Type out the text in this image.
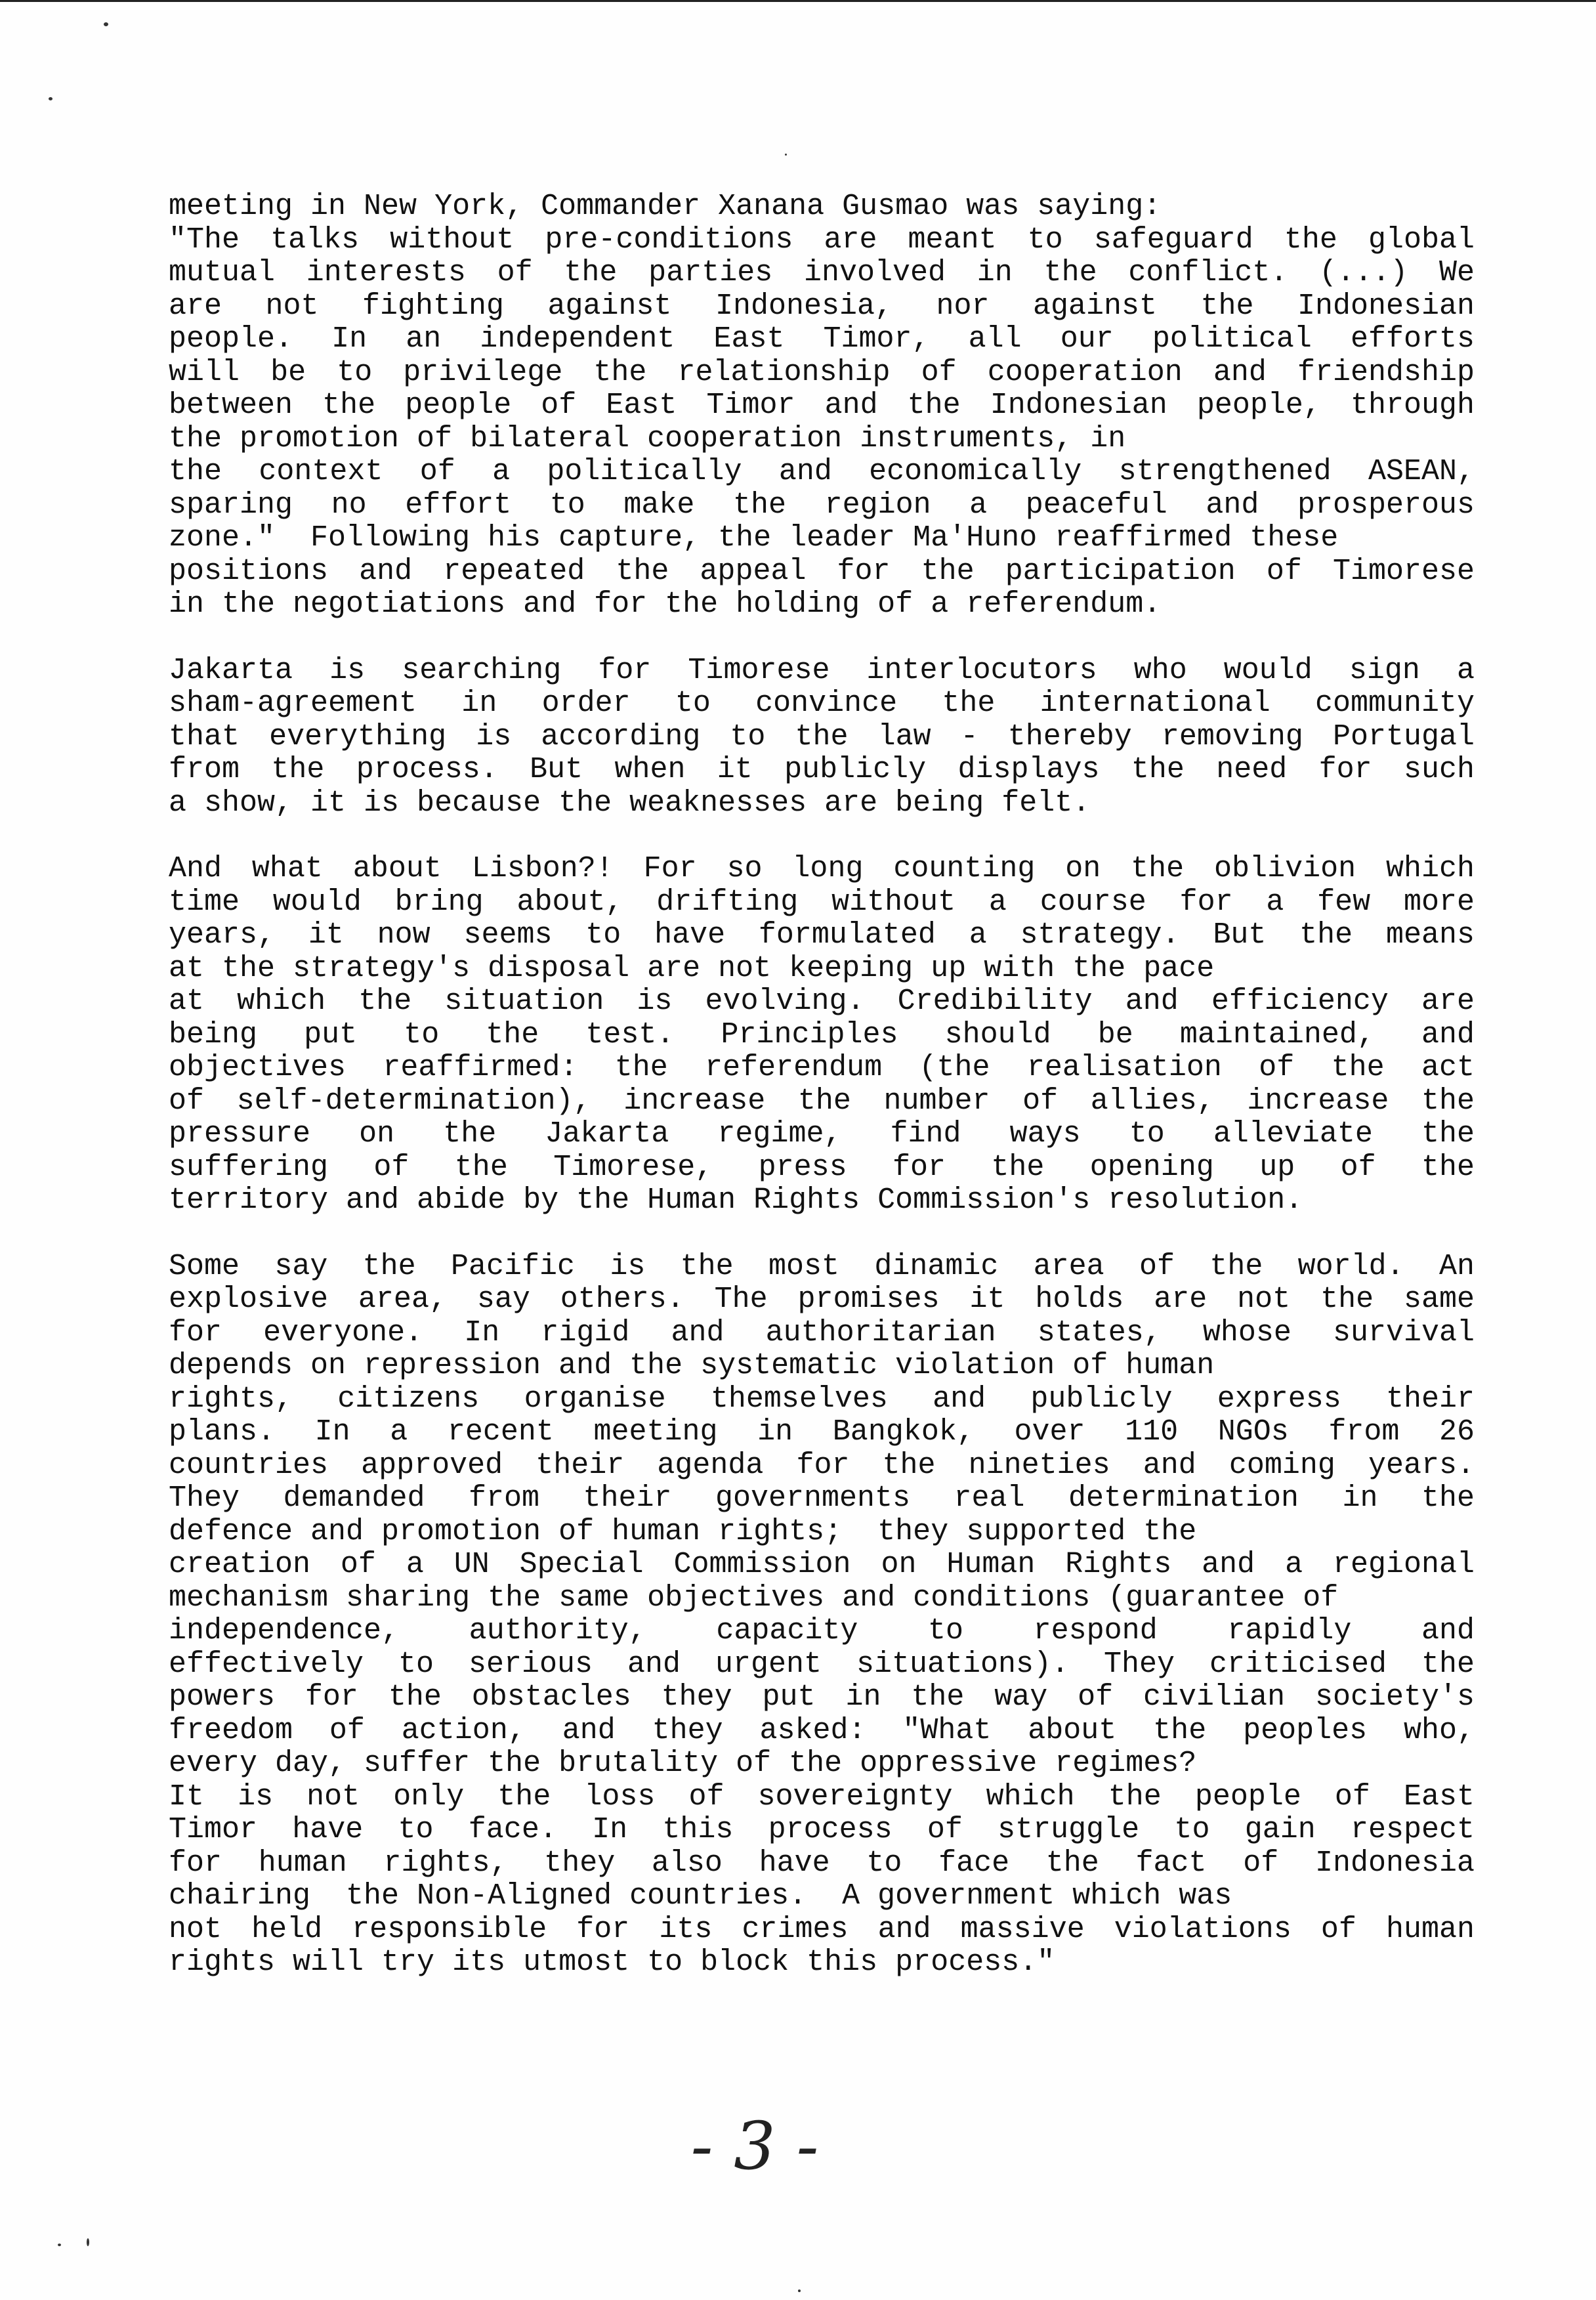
meeting in New York, Commander Xanana Gusmao was saying:
"The talks without pre-conditions are meant to safeguard the global
mutual interests of the parties involved in the conflict. (...) We
are not fighting against Indonesia, nor against the Indonesian
people. In an independent East Timor, all our political efforts
will be to privilege the relationship of cooperation and friendship
between the people of East Timor and the Indonesian people, through
the promotion of bilateral cooperation instruments, in
the context of a politically and economically strengthened ASEAN,
sparing no effort to make the region a peaceful and prosperous
zone."  Following his capture, the leader Ma'Huno reaffirmed these
positions and repeated the appeal for the participation of Timorese
in the negotiations and for the holding of a referendum.
Jakarta is searching for Timorese interlocutors who would sign a
sham-agreement in order to convince the international community
that everything is according to the law - thereby removing Portugal
from the process. But when it publicly displays the need for such
a show, it is because the weaknesses are being felt.
And what about Lisbon?! For so long counting on the oblivion which
time would bring about, drifting without a course for a few more
years, it now seems to have formulated a strategy. But the means
at the strategy's disposal are not keeping up with the pace
at which the situation is evolving. Credibility and efficiency are
being put to the test. Principles should be maintained, and
objectives reaffirmed: the referendum (the realisation of the act
of self-determination), increase the number of allies, increase the
pressure on the Jakarta regime, find ways to alleviate the
suffering of the Timorese, press for the opening up of the
territory and abide by the Human Rights Commission's resolution.
Some say the Pacific is the most dinamic area of the world. An
explosive area, say others. The promises it holds are not the same
for everyone. In rigid and authoritarian states, whose survival
depends on repression and the systematic violation of human
rights, citizens organise themselves and publicly express their
plans. In a recent meeting in Bangkok, over 110 NGOs from 26
countries approved their agenda for the nineties and coming years.
They demanded from their governments real determination in the
defence and promotion of human rights;  they supported the
creation of a UN Special Commission on Human Rights and a regional
mechanism sharing the same objectives and conditions (guarantee of
independence, authority, capacity to respond rapidly and
effectively to serious and urgent situations). They criticised the
powers for the obstacles they put in the way of civilian society's
freedom of action, and they asked: "What about the peoples who,
every day, suffer the brutality of the oppressive regimes?
It is not only the loss of sovereignty which the people of East
Timor have to face. In this process of struggle to gain respect
for human rights, they also have to face the fact of Indonesia
chairing  the Non-Aligned countries.  A government which was
not held responsible for its crimes and massive violations of human
rights will try its utmost to block this process."
- 3 -
